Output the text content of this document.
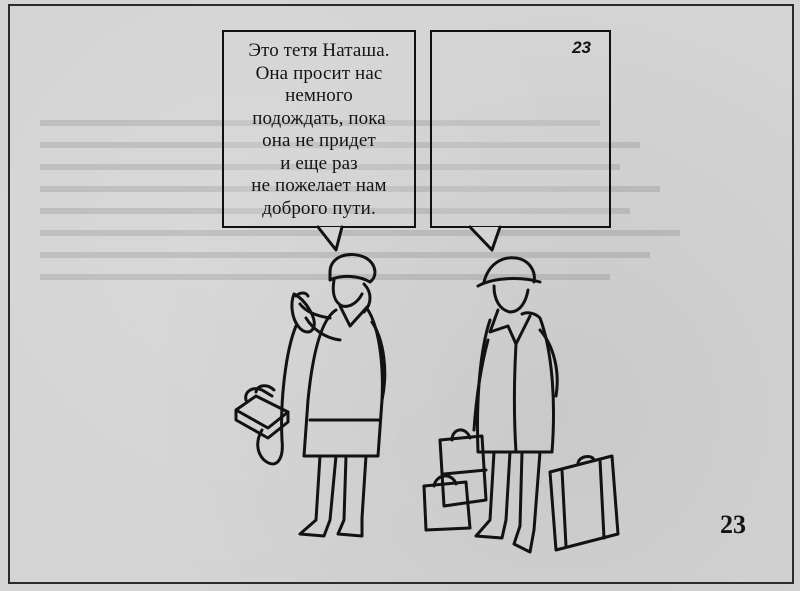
Это тетя Наташа.
Она просит нас
немного
подождать, пока
она не придет
и еще раз
не пожелает нам
доброго пути.
23
23
